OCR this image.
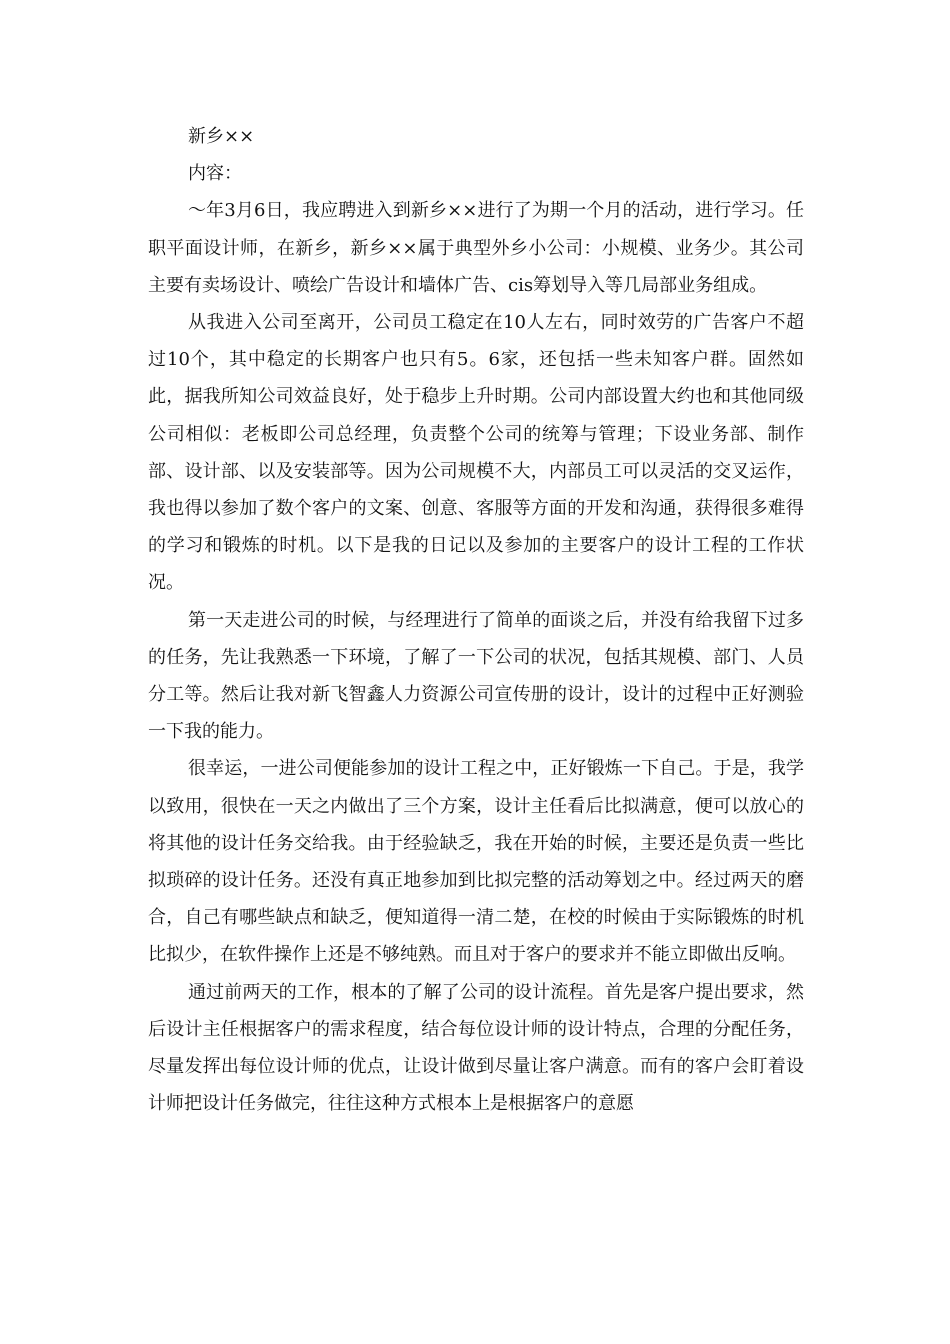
新乡××

内容：

～年3月6日，我应聘进入到新乡××进行了为期一个月的活动，进行学习。任职平面设计师，在新乡，新乡××属于典型外乡小公司：小规模、业务少。其公司主要有卖场设计、喷绘广告设计和墙体广告、cis筹划导入等几局部业务组成。

从我进入公司至离开，公司员工稳定在10人左右，同时效劳的广告客户不超过10个，其中稳定的长期客户也只有5。6家，还包括一些未知客户群。固然如此，据我所知公司效益良好，处于稳步上升时期。公司内部设置大约也和其他同级公司相似：老板即公司总经理，负责整个公司的统筹与管理；下设业务部、制作部、设计部、以及安装部等。因为公司规模不大，内部员工可以灵活的交叉运作，我也得以参加了数个客户的文案、创意、客服等方面的开发和沟通，获得很多难得的学习和锻炼的时机。以下是我的日记以及参加的主要客户的设计工程的工作状况。

第一天走进公司的时候，与经理进行了简单的面谈之后，并没有给我留下过多的任务，先让我熟悉一下环境，了解了一下公司的状况，包括其规模、部门、人员分工等。然后让我对新飞智鑫人力资源公司宣传册的设计，设计的过程中正好测验一下我的能力。

很幸运，一进公司便能参加的设计工程之中，正好锻炼一下自己。于是，我学以致用，很快在一天之内做出了三个方案，设计主任看后比拟满意，便可以放心的将其他的设计任务交给我。由于经验缺乏，我在开始的时候，主要还是负责一些比拟琐碎的设计任务。还没有真正地参加到比拟完整的活动筹划之中。经过两天的磨合，自己有哪些缺点和缺乏，便知道得一清二楚，在校的时候由于实际锻炼的时机比拟少，在软件操作上还是不够纯熟。而且对于客户的要求并不能立即做出反响。

通过前两天的工作，根本的了解了公司的设计流程。首先是客户提出要求，然后设计主任根据客户的需求程度，结合每位设计师的设计特点，合理的分配任务，尽量发挥出每位设计师的优点，让设计做到尽量让客户满意。而有的客户会盯着设计师把设计任务做完，往往这种方式根本上是根据客户的意愿
